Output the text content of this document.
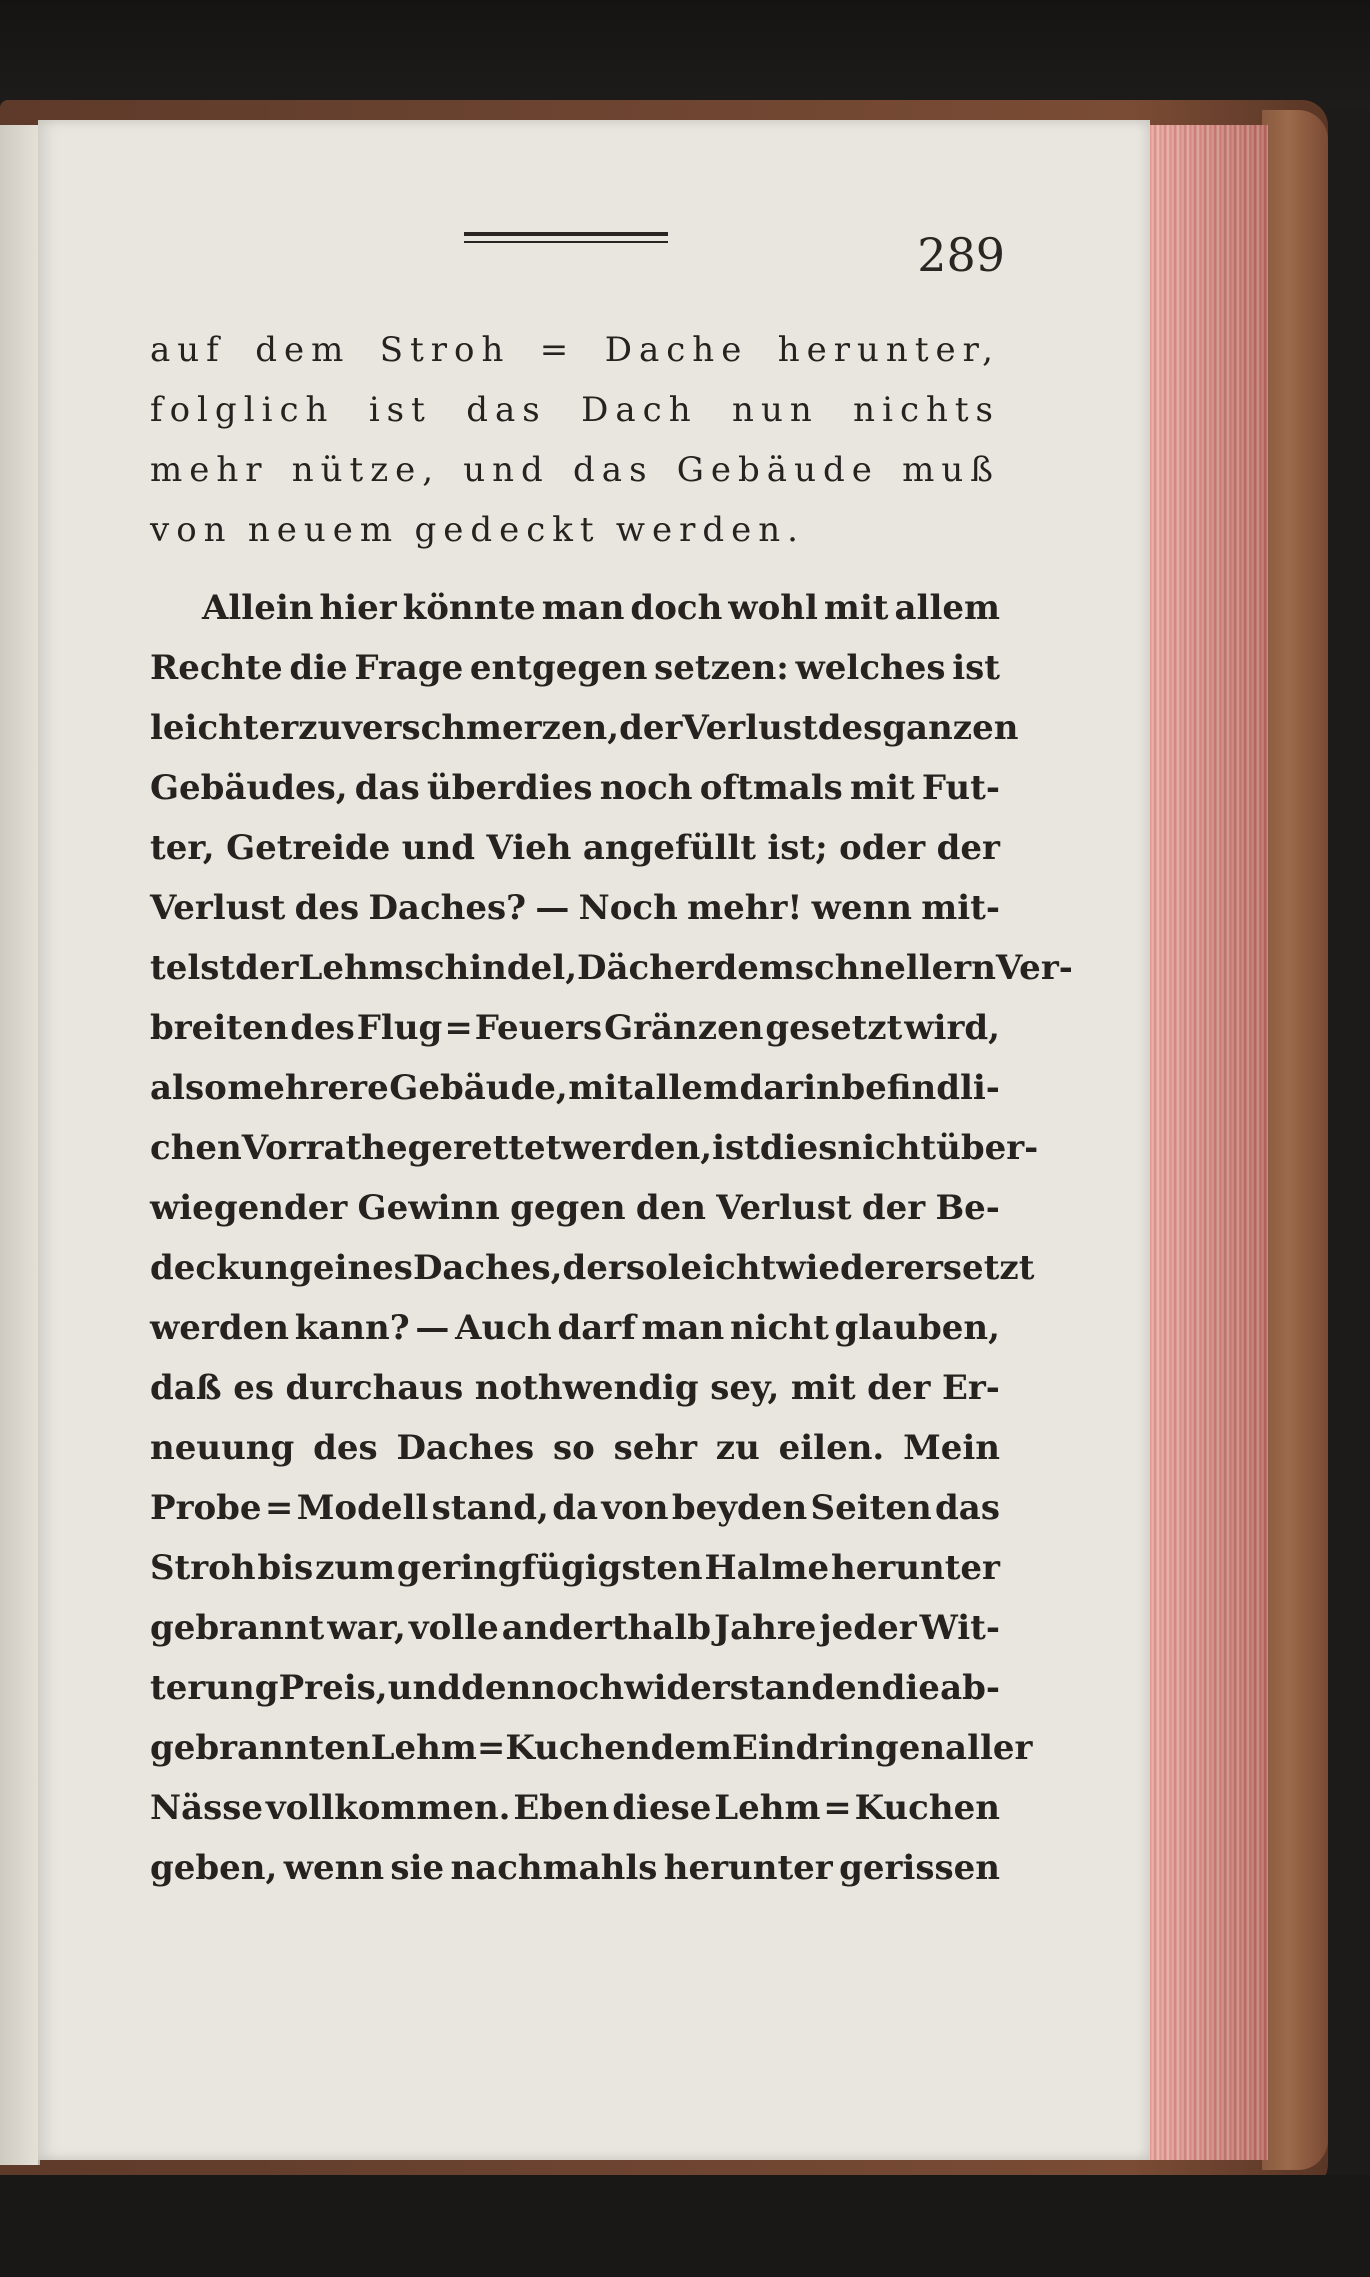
289
auf dem Stroh = Dache herunter,
folglich ist das Dach nun nichts
mehr nütze, und das Gebäude muß
von neuem gedeckt werden.
Allein hier könnte man doch wohl mit allem
Rechte die Frage entgegen setzen: welches ist
leichter zu verschmerzen, der Verlust des ganzen
Gebäudes, das überdies noch oftmals mit Fut-
ter, Getreide und Vieh angefüllt ist; oder der
Verlust des Daches? — Noch mehr! wenn mit-
telst der Lehmschindel, Dächer dem schnellern Ver-
breiten des Flug = Feuers Gränzen gesetzt wird,
also mehrere Gebäude, mit allem darin befindli-
chen Vorrathe gerettet werden, ist dies nicht über-
wiegender Gewinn gegen den Verlust der Be-
deckung eines Daches, der so leicht wieder ersetzt
werden kann? — Auch darf man nicht glauben,
daß es durchaus nothwendig sey, mit der Er-
neuung des Daches so sehr zu eilen. Mein
Probe = Modell stand, da von beyden Seiten das
Stroh bis zum geringfügigsten Halme herunter
gebrannt war, volle anderthalb Jahre jeder Wit-
terung Preis, und dennoch widerstanden die ab-
gebrannten Lehm = Kuchen dem Eindringen aller
Nässe vollkommen. Eben diese Lehm = Kuchen
geben, wenn sie nachmahls herunter gerissen
